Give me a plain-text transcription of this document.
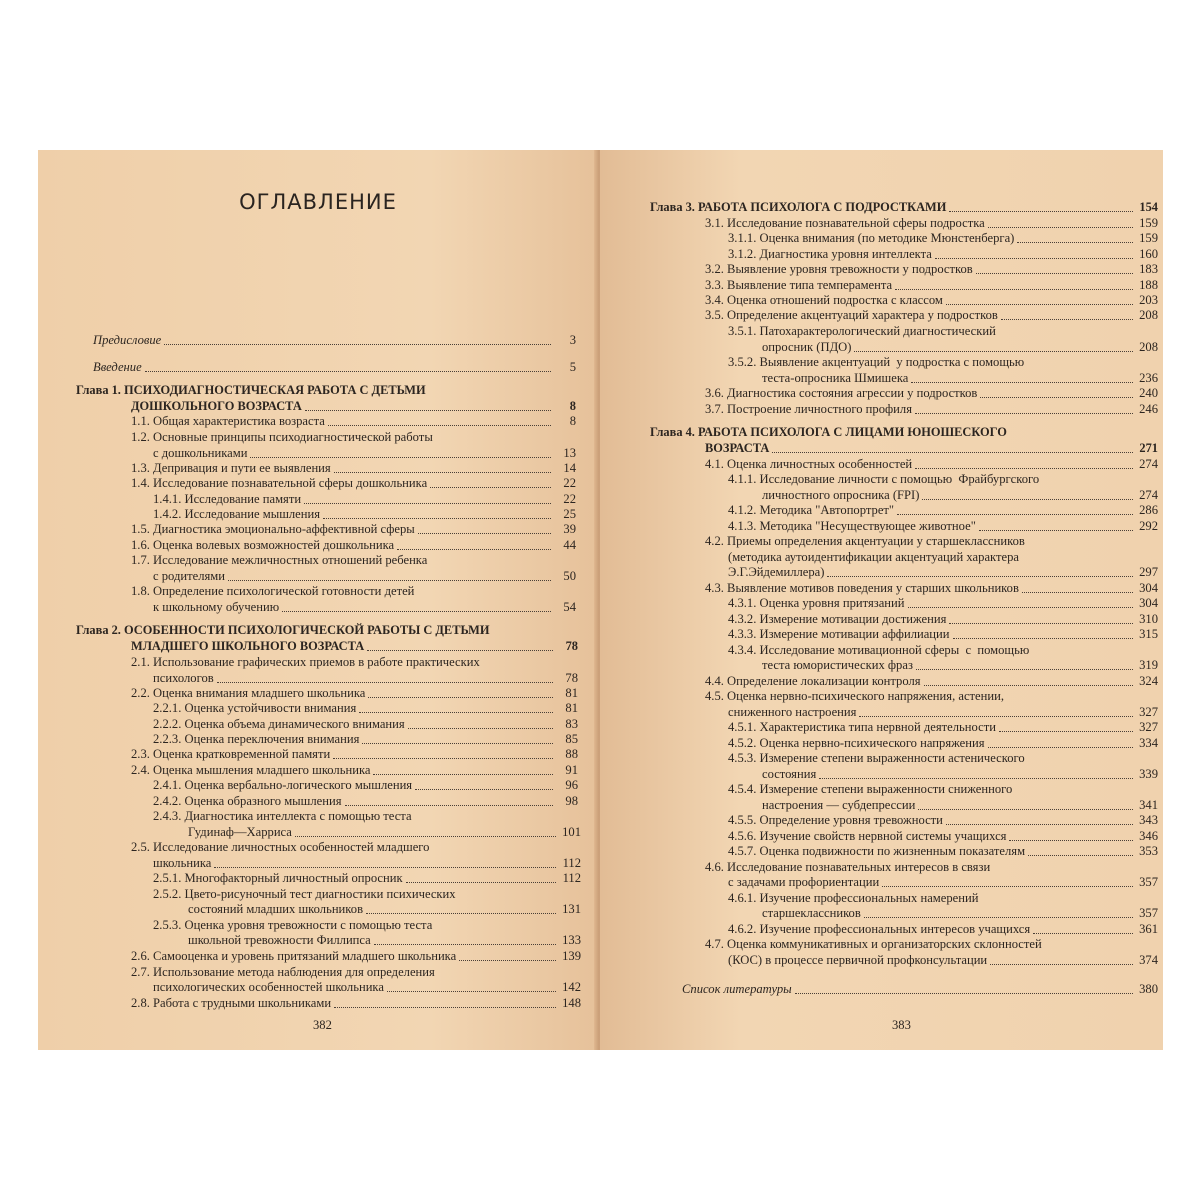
ОГЛАВЛЕНИЕ
Предисловие	3
Введение	5
Глава 1. ПСИХОДИАГНОСТИЧЕСКАЯ РАБОТА С ДЕТЬМИ
ДОШКОЛЬНОГО ВОЗРАСТА	8
1.1. Общая характеристика возраста	8
1.2. Основные принципы психодиагностической работы
с дошкольниками	13
1.3. Депривация и пути ее выявления	14
1.4. Исследование познавательной сферы дошкольника	22
1.4.1. Исследование памяти	22
1.4.2. Исследование мышления	25
1.5. Диагностика эмоционально-аффективной сферы	39
1.6. Оценка волевых возможностей дошкольника	44
1.7. Исследование межличностных отношений ребенка
с родителями	50
1.8. Определение психологической готовности детей
к школьному обучению	54
Глава 2. ОСОБЕННОСТИ ПСИХОЛОГИЧЕСКОЙ РАБОТЫ С ДЕТЬМИ
МЛАДШЕГО ШКОЛЬНОГО ВОЗРАСТА	78
2.1. Использование графических приемов в работе практических
психологов	78
2.2. Оценка внимания младшего школьника	81
2.2.1. Оценка устойчивости внимания	81
2.2.2. Оценка объема динамического внимания	83
2.2.3. Оценка переключения внимания	85
2.3. Оценка кратковременной памяти	88
2.4. Оценка мышления младшего школьника	91
2.4.1. Оценка вербально-логического мышления	96
2.4.2. Оценка образного мышления	98
2.4.3. Диагностика интеллекта с помощью теста
Гудинаф—Харриса	101
2.5. Исследование личностных особенностей младшего
школьника	112
2.5.1. Многофакторный личностный опросник	112
2.5.2. Цвето-рисуночный тест диагностики психических
состояний младших школьников	131
2.5.3. Оценка уровня тревожности с помощью теста
школьной тревожности Филлипса	133
2.6. Самооценка и уровень притязаний младшего школьника	139
2.7. Использование метода наблюдения для определения
психологических особенностей школьника	142
2.8. Работа с трудными школьниками	148
382
Глава 3. РАБОТА ПСИХОЛОГА С ПОДРОСТКАМИ	154
3.1. Исследование познавательной сферы подростка	159
3.1.1. Оценка внимания (по методике Мюнстенберга)	159
3.1.2. Диагностика уровня интеллекта	160
3.2. Выявление уровня тревожности у подростков	183
3.3. Выявление типа темперамента	188
3.4. Оценка отношений подростка с классом	203
3.5. Определение акцентуаций характера у подростков	208
3.5.1. Патохарактерологический диагностический
опросник (ПДО)	208
3.5.2. Выявление акцентуаций  у подростка с помощью
теста-опросника Шмишека	236
3.6. Диагностика состояния агрессии у подростков	240
3.7. Построение личностного профиля	246
Глава 4. РАБОТА ПСИХОЛОГА С ЛИЦАМИ ЮНОШЕСКОГО
ВОЗРАСТА	271
4.1. Оценка личностных особенностей	274
4.1.1. Исследование личности с помощью  Фрайбургского
личностного опросника (FPI)	274
4.1.2. Методика "Автопортрет"	286
4.1.3. Методика "Несуществующее животное"	292
4.2. Приемы определения акцентуации у старшеклассников
(методика аутоидентификации акцентуаций характера
Э.Г.Эйдемиллера)	297
4.3. Выявление мотивов поведения у старших школьников	304
4.3.1. Оценка уровня притязаний	304
4.3.2. Измерение мотивации достижения	310
4.3.3. Измерение мотивации аффилиации	315
4.3.4. Исследование мотивационной сферы  с  помощью
теста юмористических фраз	319
4.4. Определение локализации контроля	324
4.5. Оценка нервно-психического напряжения, астении,
сниженного настроения	327
4.5.1. Характеристика типа нервной деятельности	327
4.5.2. Оценка нервно-психического напряжения	334
4.5.3. Измерение степени выраженности астенического
состояния	339
4.5.4. Измерение степени выраженности сниженного
настроения — субдепрессии	341
4.5.5. Определение уровня тревожности	343
4.5.6. Изучение свойств нервной системы учащихся	346
4.5.7. Оценка подвижности по жизненным показателям	353
4.6. Исследование познавательных интересов в связи
с задачами профориентации	357
4.6.1. Изучение профессиональных намерений
старшеклассников	357
4.6.2. Изучение профессиональных интересов учащихся	361
4.7. Оценка коммуникативных и организаторских склонностей
(КОС) в процессе первичной профконсультации	374
Список литературы	380
383
